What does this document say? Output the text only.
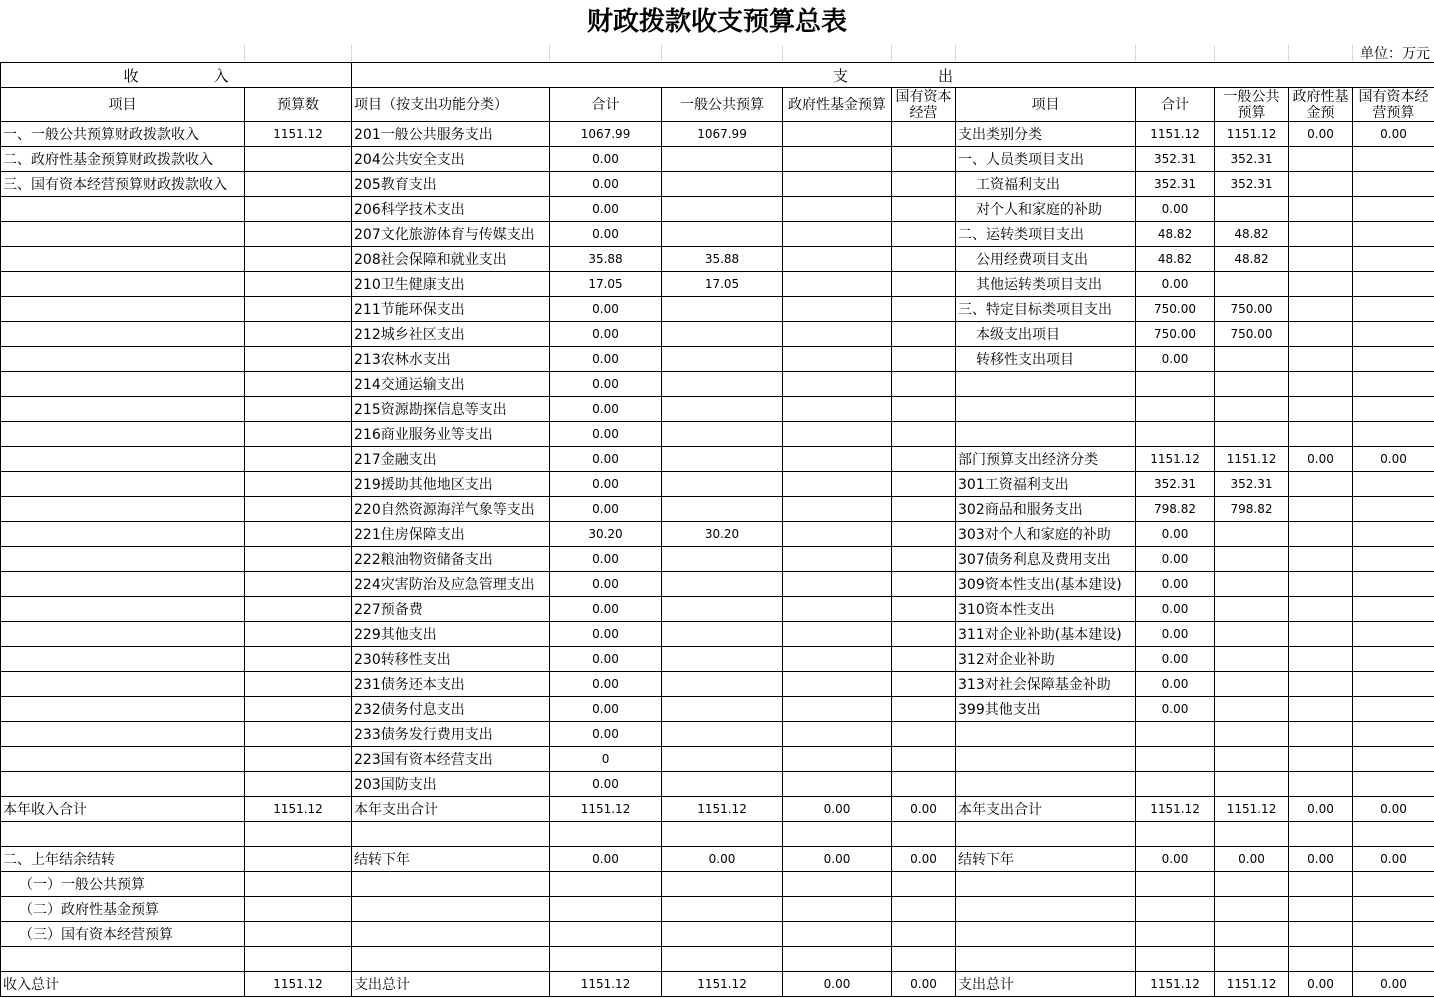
财政拨款收支预算总表
单位：万元
收　　　　　入		支　　　　　　出									
项目	预算数	项目（按支出功能分类）	合计	一般公共预算	政府性基金预算	国有资本经营	项目	合计	一般公共预算	政府性基金预	国有资本经营预算
一、一般公共预算财政拨款收入	1151.12	201一般公共服务支出	1067.99	1067.99			支出类别分类	1151.12	1151.12	0.00	0.00
二、政府性基金预算财政拨款收入		204公共安全支出	0.00				一、人员类项目支出	352.31	352.31		
三、国有资本经营预算财政拨款收入		205教育支出	0.00				工资福利支出	352.31	352.31		
		206科学技术支出	0.00				对个人和家庭的补助	0.00			
		207文化旅游体育与传媒支出	0.00				二、运转类项目支出	48.82	48.82		
		208社会保障和就业支出	35.88	35.88			公用经费项目支出	48.82	48.82		
		210卫生健康支出	17.05	17.05			其他运转类项目支出	0.00			
		211节能环保支出	0.00				三、特定目标类项目支出	750.00	750.00		
		212城乡社区支出	0.00				本级支出项目	750.00	750.00		
		213农林水支出	0.00				转移性支出项目	0.00			
		214交通运输支出	0.00								
		215资源勘探信息等支出	0.00								
		216商业服务业等支出	0.00								
		217金融支出	0.00				部门预算支出经济分类	1151.12	1151.12	0.00	0.00
		219援助其他地区支出	0.00				301工资福利支出	352.31	352.31		
		220自然资源海洋气象等支出	0.00				302商品和服务支出	798.82	798.82		
		221住房保障支出	30.20	30.20			303对个人和家庭的补助	0.00			
		222粮油物资储备支出	0.00				307债务利息及费用支出	0.00			
		224灾害防治及应急管理支出	0.00				309资本性支出(基本建设)	0.00			
		227预备费	0.00				310资本性支出	0.00			
		229其他支出	0.00				311对企业补助(基本建设)	0.00			
		230转移性支出	0.00				312对企业补助	0.00			
		231债务还本支出	0.00				313对社会保障基金补助	0.00			
		232债务付息支出	0.00				399其他支出	0.00			
		233债务发行费用支出	0.00								
		223国有资本经营支出	0								
		203国防支出	0.00								
本年收入合计	1151.12	本年支出合计	1151.12	1151.12	0.00	0.00	本年支出合计	1151.12	1151.12	0.00	0.00

二、上年结余结转		结转下年	0.00	0.00	0.00	0.00	结转下年	0.00	0.00	0.00	0.00
（一）一般公共预算											
（二）政府性基金预算											
（三）国有资本经营预算											

收入总计	1151.12	支出总计	1151.12	1151.12	0.00	0.00	支出总计	1151.12	1151.12	0.00	0.00
